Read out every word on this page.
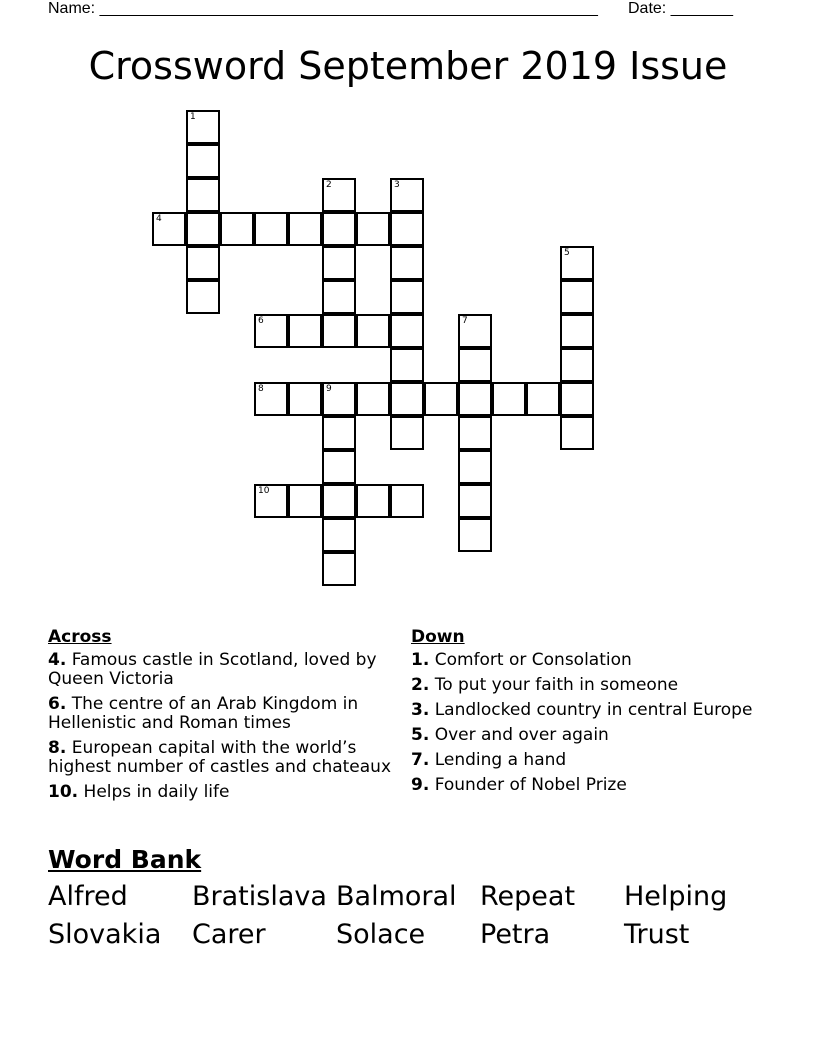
Name: ________________________________________________________ Date: _______
Crossword September 2019 Issue
1
2	3
4
5
6	7
8	9
10
Across
4. Famous castle in Scotland, loved by Queen Victoria
6. The centre of an Arab Kingdom in Hellenistic and Roman times
8. European capital with the world’s highest number of castles and chateaux
10. Helps in daily life
Down
1. Comfort or Consolation
2. To put your faith in someone
3. Landlocked country in central Europe
5. Over and over again
7. Lending a hand
9. Founder of Nobel Prize
Word Bank
Alfred Bratislava Balmoral Repeat Helping
Slovakia Carer	Solace Petra	Trust
